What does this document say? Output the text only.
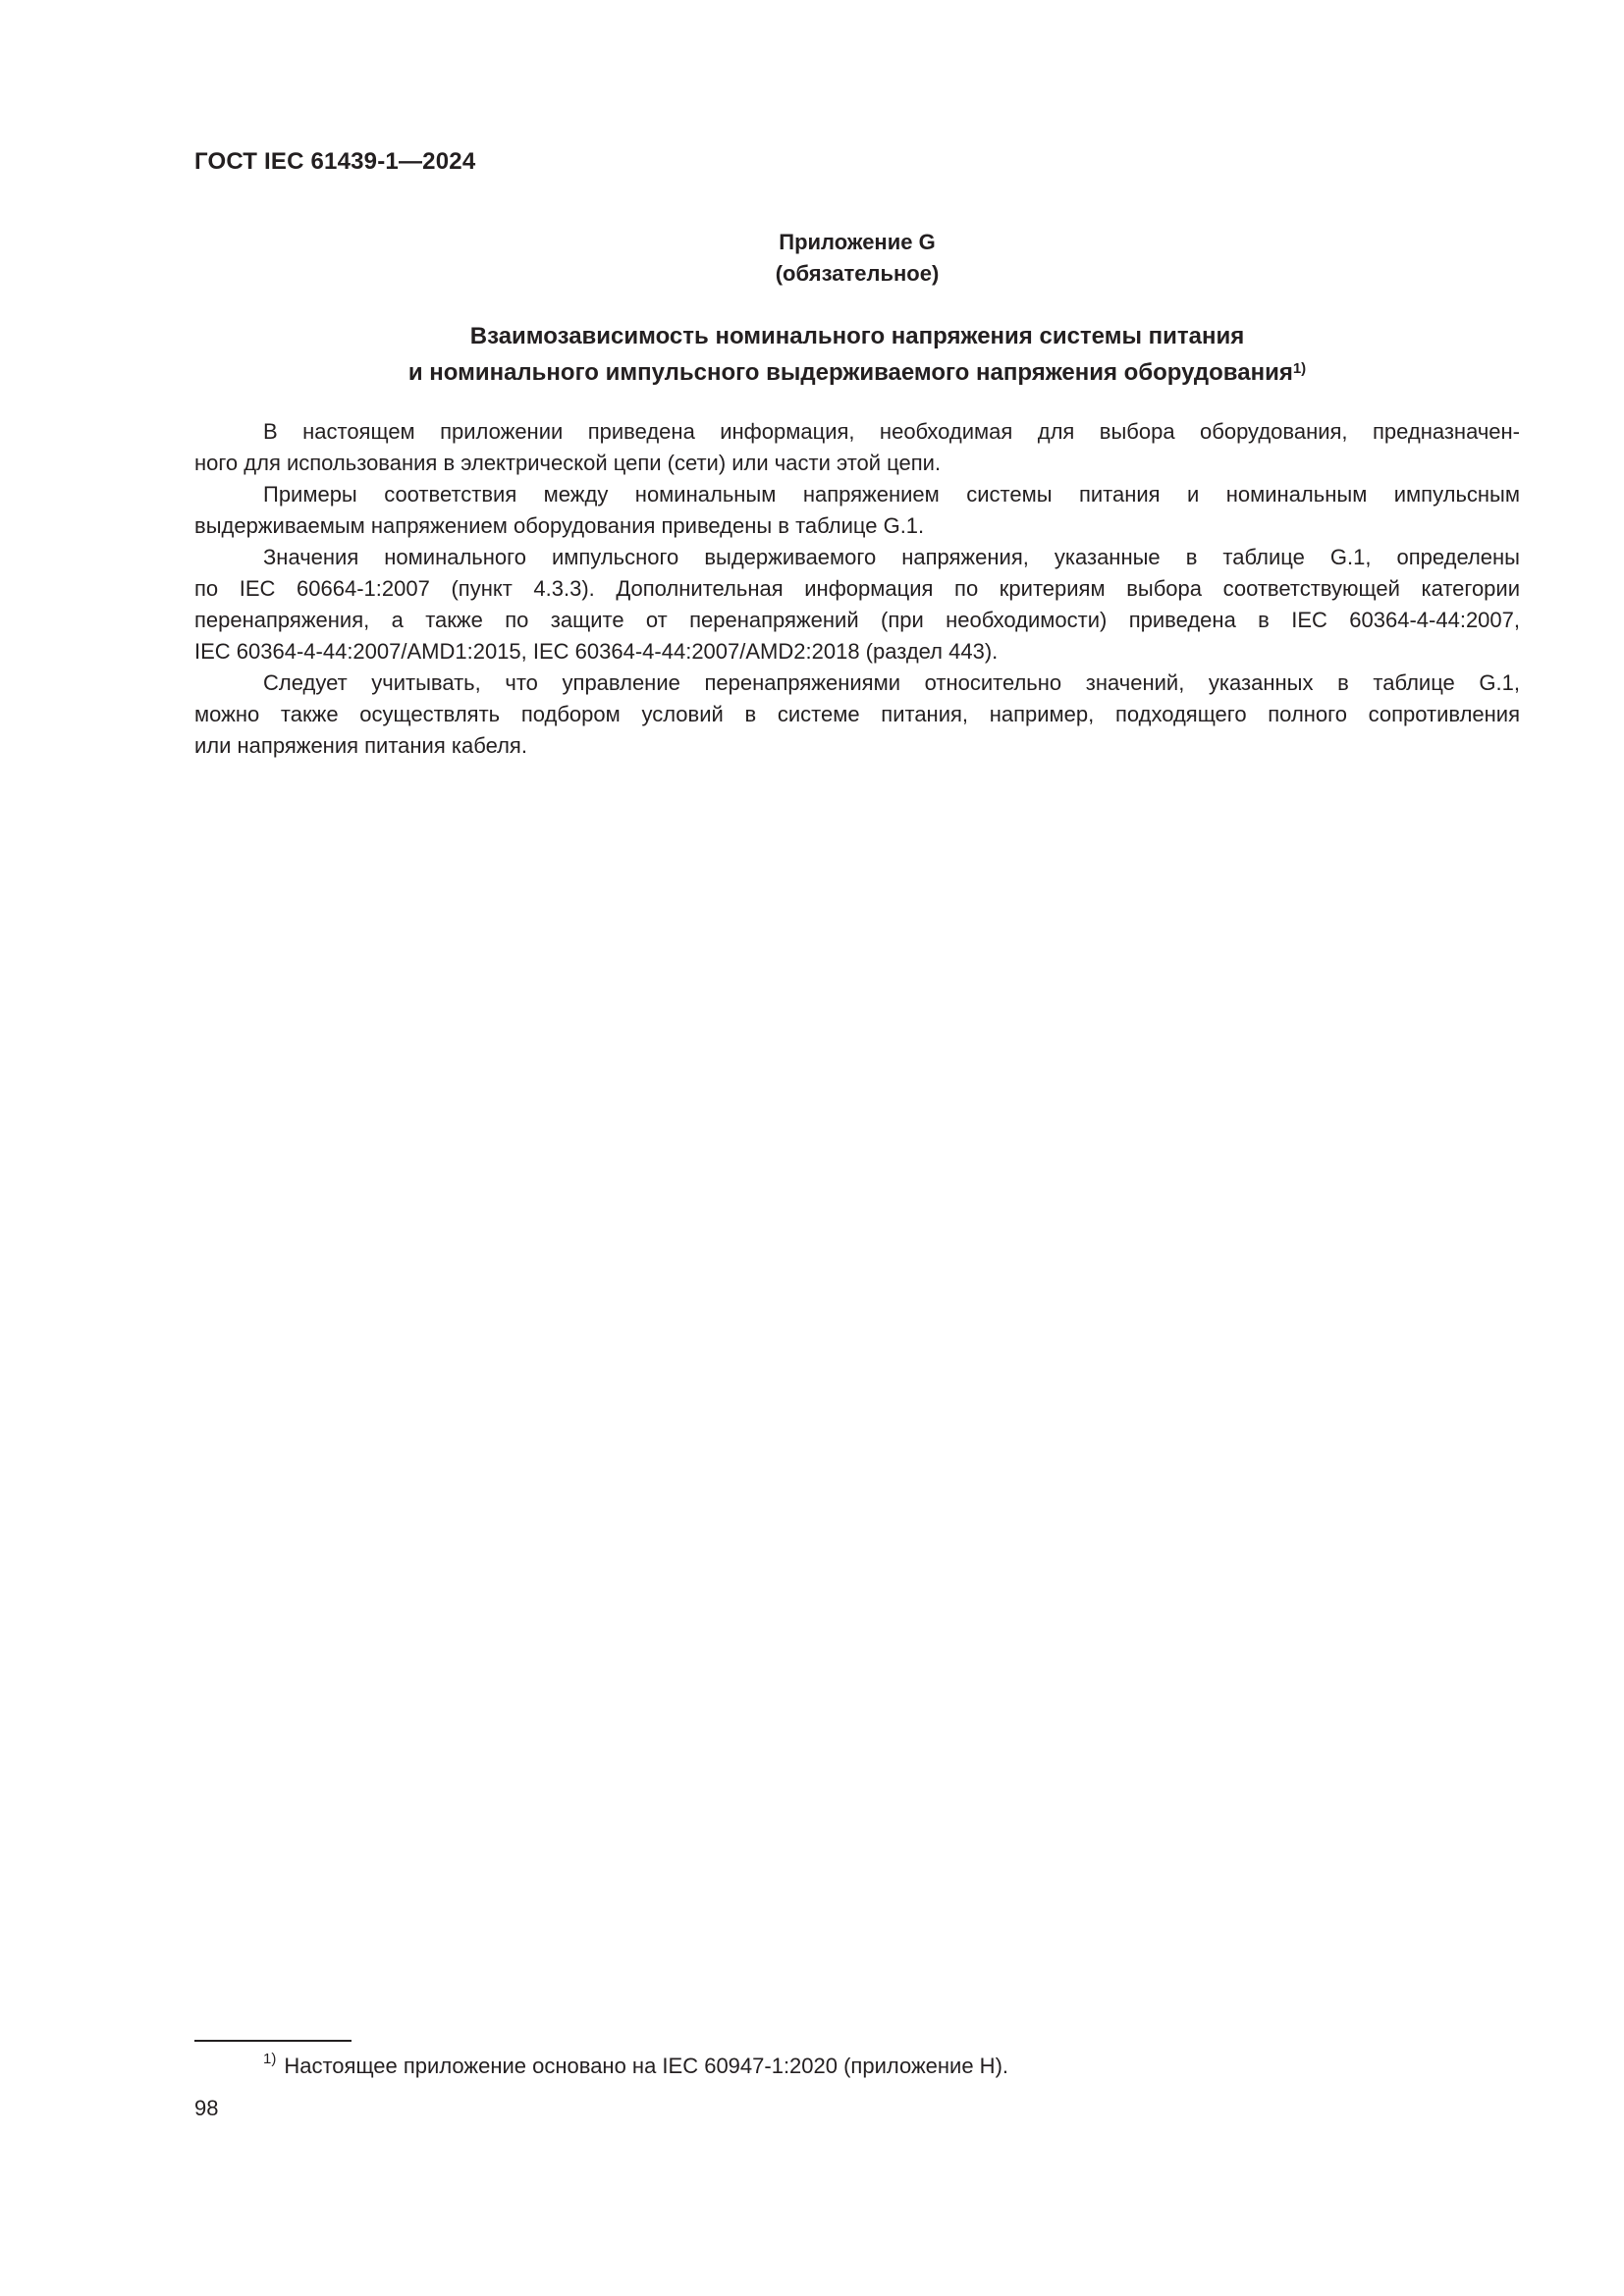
ГОСТ IEC 61439-1—2024
Приложение G
(обязательное)
Взаимозависимость номинального напряжения системы питания
и номинального импульсного выдерживаемого напряжения оборудования$^{1)}$
В настоящем приложении приведена информация, необходимая для выбора оборудования, предназначен-
ного для использования в электрической цепи (сети) или части этой цепи.
Примеры соответствия между номинальным напряжением системы питания и номинальным импульсным
выдерживаемым напряжением оборудования приведены в таблице G.1.
Значения номинального импульсного выдерживаемого напряжения, указанные в таблице G.1, определены
по IEC 60664-1:2007 (пункт 4.3.3). Дополнительная информация по критериям выбора соответствующей категории
перенапряжения, а также по защите от перенапряжений (при необходимости) приведена в IEC 60364-4-44:2007,
IEC 60364-4-44:2007/AMD1:2015, IEC 60364-4-44:2007/AMD2:2018 (раздел 443).
Следует учитывать, что управление перенапряжениями относительно значений, указанных в таблице G.1,
можно также осуществлять подбором условий в системе питания, например, подходящего полного сопротивления
или напряжения питания кабеля.
$^{1)}$ Настоящее приложение основано на IEC 60947-1:2020 (приложение H).
98
